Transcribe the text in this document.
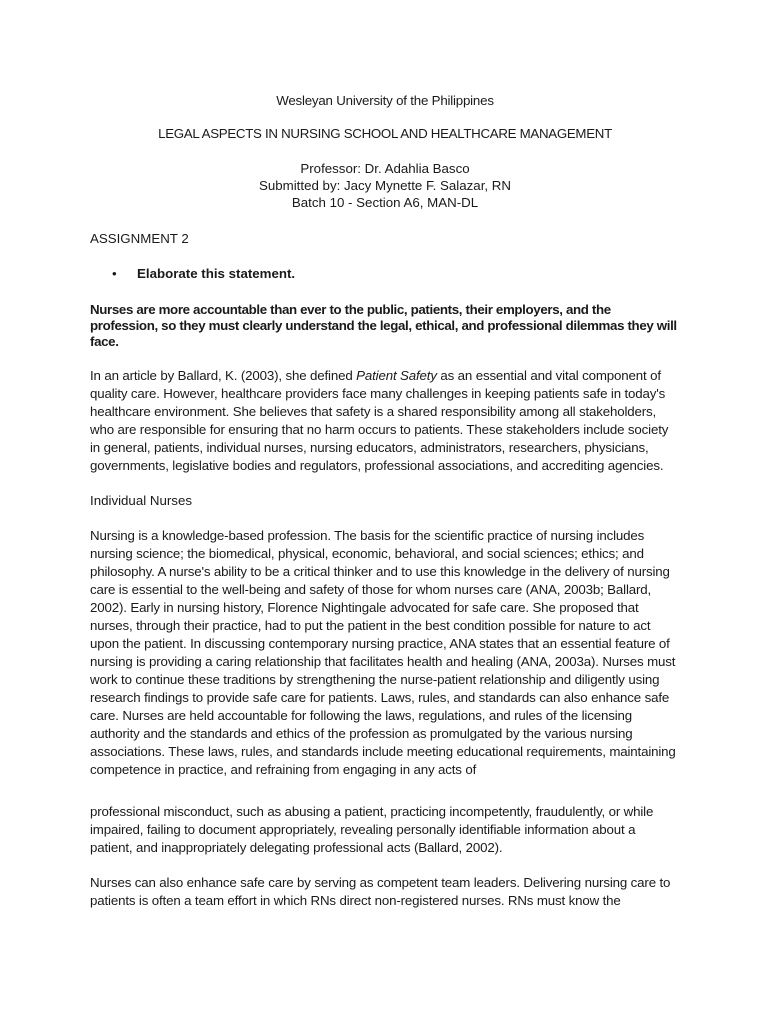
Wesleyan University of the Philippines

LEGAL ASPECTS IN NURSING SCHOOL AND HEALTHCARE MANAGEMENT

Professor: Dr. Adahlia Basco

Submitted by: Jacy Mynette F. Salazar, RN

Batch 10 - Section A6, MAN-DL

ASSIGNMENT 2

•	Elaborate this statement.

Nurses are more accountable than ever to the public, patients, their employers, and the profession, so they must clearly understand the legal, ethical, and professional dilemmas they will face.

In an article by Ballard, K. (2003), she defined Patient Safety as an essential and vital component of quality care. However, healthcare providers face many challenges in keeping patients safe in today's healthcare environment. She believes that safety is a shared responsibility among all stakeholders, who are responsible for ensuring that no harm occurs to patients. These stakeholders include society in general, patients, individual nurses, nursing educators, administrators, researchers, physicians, governments, legislative bodies and regulators, professional associations, and accrediting agencies.

Individual Nurses

Nursing is a knowledge-based profession. The basis for the scientific practice of nursing includes nursing science; the biomedical, physical, economic, behavioral, and social sciences; ethics; and philosophy. A nurse's ability to be a critical thinker and to use this knowledge in the delivery of nursing care is essential to the well-being and safety of those for whom nurses care (ANA, 2003b; Ballard, 2002). Early in nursing history, Florence Nightingale advocated for safe care. She proposed that nurses, through their practice, had to put the patient in the best condition possible for nature to act upon the patient. In discussing contemporary nursing practice, ANA states that an essential feature of nursing is providing a caring relationship that facilitates health and healing (ANA, 2003a). Nurses must work to continue these traditions by strengthening the nurse-patient relationship and diligently using research findings to provide safe care for patients. Laws, rules, and standards can also enhance safe care. Nurses are held accountable for following the laws, regulations, and rules of the licensing authority and the standards and ethics of the profession as promulgated by the various nursing associations. These laws, rules, and standards include meeting educational requirements, maintaining competence in practice, and refraining from engaging in any acts of

professional misconduct, such as abusing a patient, practicing incompetently, fraudulently, or while impaired, failing to document appropriately, revealing personally identifiable information about a patient, and inappropriately delegating professional acts (Ballard, 2002).

Nurses can also enhance safe care by serving as competent team leaders. Delivering nursing care to patients is often a team effort in which RNs direct non-registered nurses. RNs must know the
